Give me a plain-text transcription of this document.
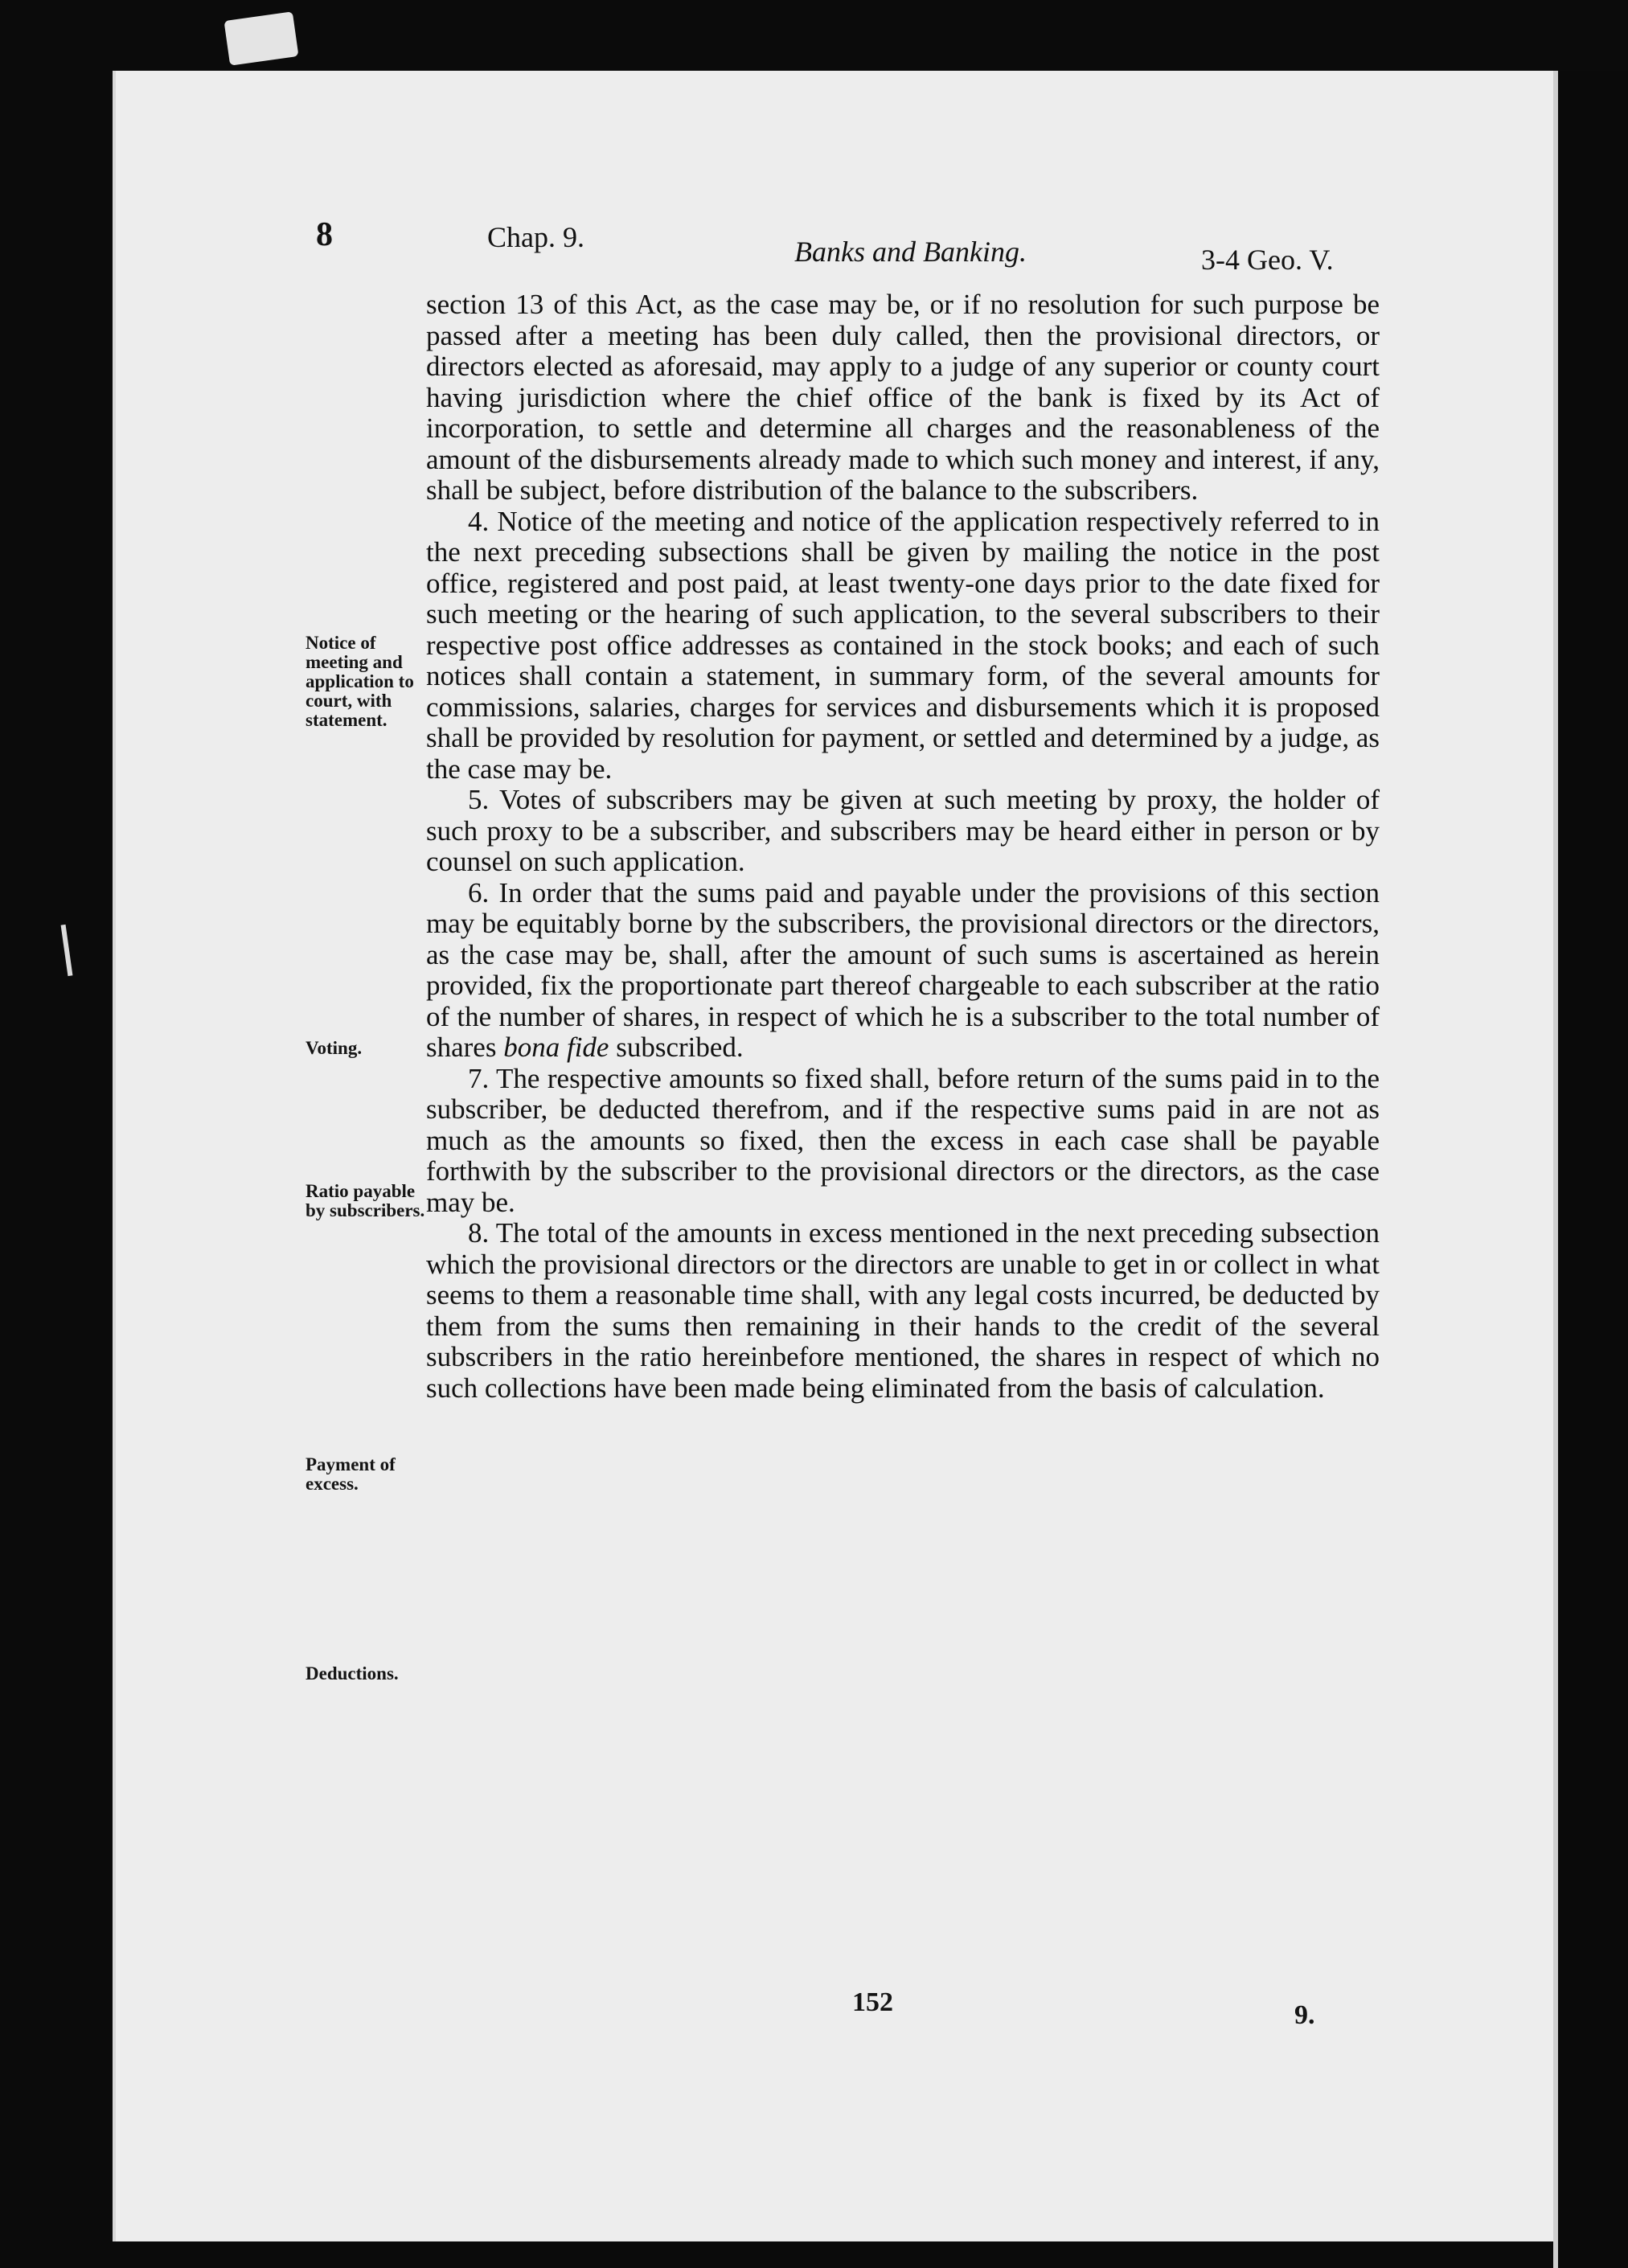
8	Chap. 9.	Banks and Banking.	3-4 Geo. V.

section 13 of this Act, as the case may be, or if no resolution for such purpose be passed after a meeting has been duly called, then the provisional directors, or directors elected as aforesaid, may apply to a judge of any superior or county court having jurisdiction where the chief office of the bank is fixed by its Act of incorporation, to settle and determine all charges and the reasonableness of the amount of the disbursements already made to which such money and interest, if any, shall be subject, before distribution of the balance to the subscribers.

4. Notice of the meeting and notice of the application respectively referred to in the next preceding subsections shall be given by mailing the notice in the post office, registered and post paid, at least twenty-one days prior to the date fixed for such meeting or the hearing of such application, to the several subscribers to their respective post office addresses as contained in the stock books; and each of such notices shall contain a statement, in summary form, of the several amounts for commissions, salaries, charges for services and disbursements which it is proposed shall be provided by resolution for payment, or settled and determined by a judge, as the case may be.

5. Votes of subscribers may be given at such meeting by proxy, the holder of such proxy to be a subscriber, and subscribers may be heard either in person or by counsel on such application.

6. In order that the sums paid and payable under the provisions of this section may be equitably borne by the subscribers, the provisional directors or the directors, as the case may be, shall, after the amount of such sums is ascertained as herein provided, fix the proportionate part thereof chargeable to each subscriber at the ratio of the number of shares, in respect of which he is a subscriber to the total number of shares bona fide subscribed.

7. The respective amounts so fixed shall, before return of the sums paid in to the subscriber, be deducted therefrom, and if the respective sums paid in are not as much as the amounts so fixed, then the excess in each case shall be payable forthwith by the subscriber to the provisional directors or the directors, as the case may be.

8. The total of the amounts in excess mentioned in the next preceding subsection which the provisional directors or the directors are unable to get in or collect in what seems to them a reasonable time shall, with any legal costs incurred, be deducted by them from the sums then remaining in their hands to the credit of the several subscribers in the ratio hereinbefore mentioned, the shares in respect of which no such collections have been made being eliminated from the basis of calculation.

Notice of meeting and application to court, with statement.
Voting.
Ratio payable by subscribers.
Payment of excess.
Deductions.
152	9.
